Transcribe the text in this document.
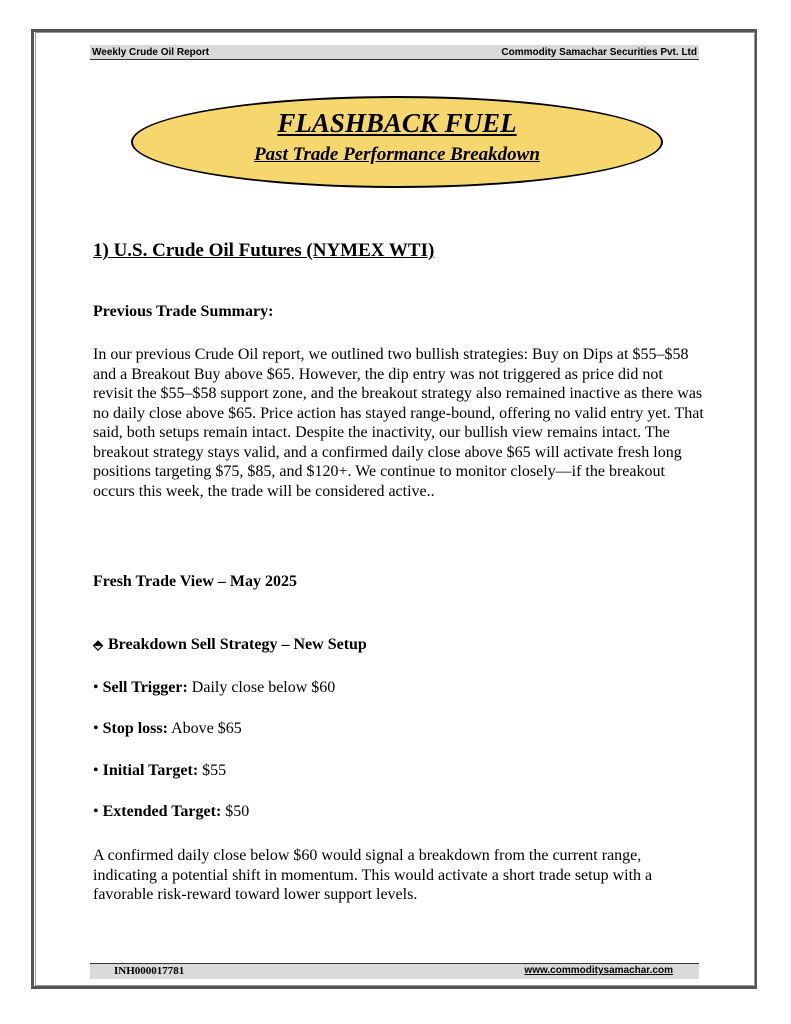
Weekly Crude Oil Report	Commodity Samachar Securities Pvt. Ltd
FLASHBACK FUEL
Past Trade Performance Breakdown
1) U.S. Crude Oil Futures (NYMEX WTI)
Previous Trade Summary:
In our previous Crude Oil report, we outlined two bullish strategies: Buy on Dips at $55–$58 and a Breakout Buy above $65. However, the dip entry was not triggered as price did not revisit the $55–$58 support zone, and the breakout strategy also remained inactive as there was no daily close above $65. Price action has stayed range-bound, offering no valid entry yet. That said, both setups remain intact. Despite the inactivity, our bullish view remains intact. The breakout strategy stays valid, and a confirmed daily close above $65 will activate fresh long positions targeting $75, $85, and $120+. We continue to monitor closely—if the breakout occurs this week, the trade will be considered active..
Fresh Trade View – May 2025
⬘ Breakdown Sell Strategy – New Setup
• Sell Trigger: Daily close below $60
• Stop loss: Above $65
• Initial Target: $55
• Extended Target: $50
A confirmed daily close below $60 would signal a breakdown from the current range, indicating a potential shift in momentum. This would activate a short trade setup with a favorable risk-reward toward lower support levels.
INH000017781	www.commoditysamachar.com
